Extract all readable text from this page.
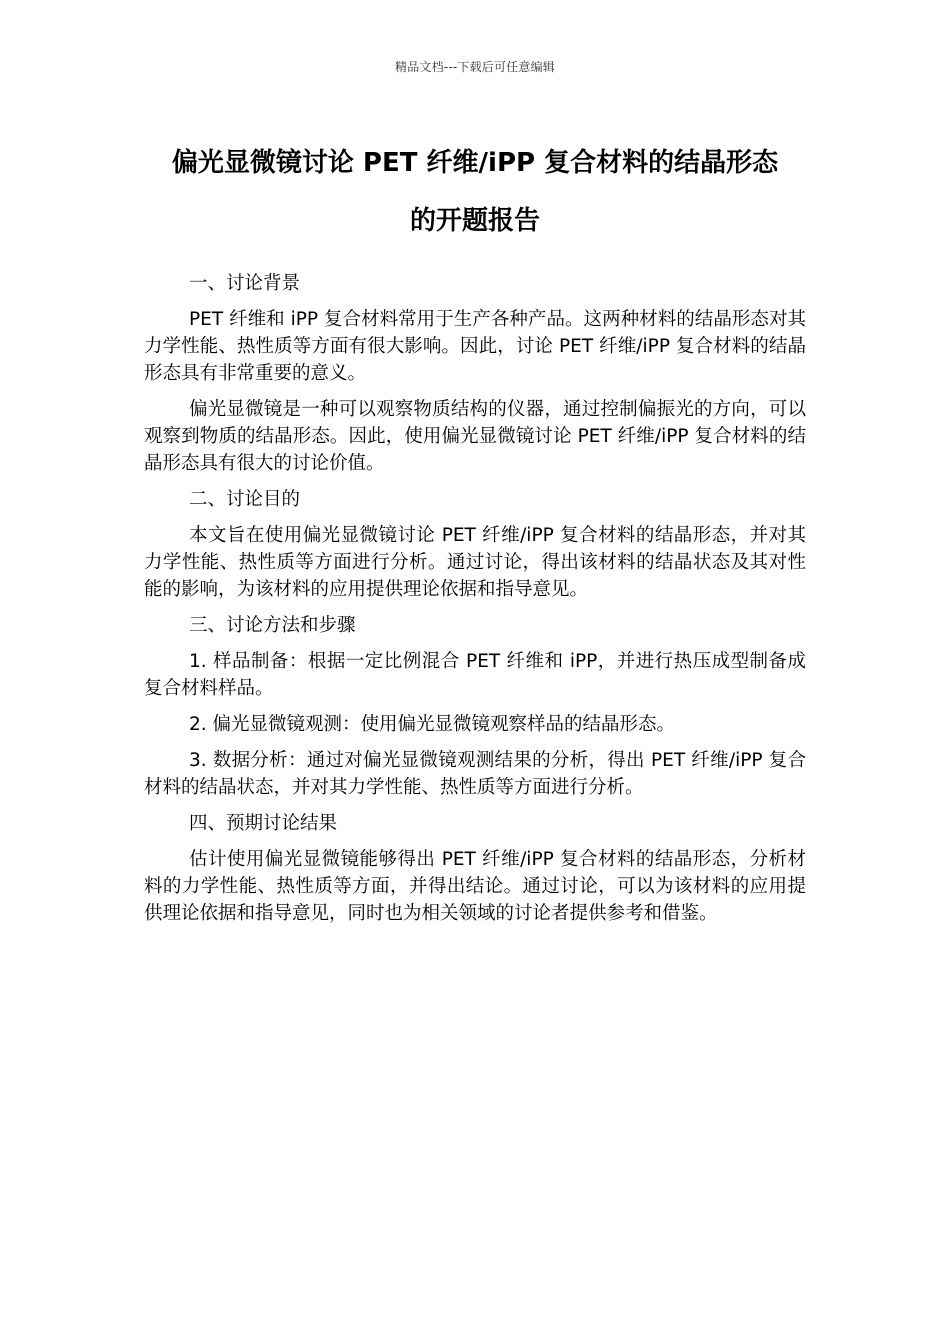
精品文档---下载后可任意编辑
偏光显微镜讨论 PET 纤维/iPP 复合材料的结晶形态
的开题报告

一、讨论背景

PET 纤维和 iPP 复合材料常用于生产各种产品。这两种材料的结晶形态对其力学性能、热性质等方面有很大影响。因此，讨论 PET 纤维/iPP 复合材料的结晶形态具有非常重要的意义。

偏光显微镜是一种可以观察物质结构的仪器，通过控制偏振光的方向，可以观察到物质的结晶形态。因此，使用偏光显微镜讨论 PET 纤维/iPP 复合材料的结晶形态具有很大的讨论价值。

二、讨论目的

本文旨在使用偏光显微镜讨论 PET 纤维/iPP 复合材料的结晶形态，并对其力学性能、热性质等方面进行分析。通过讨论，得出该材料的结晶状态及其对性能的影响，为该材料的应用提供理论依据和指导意见。

三、讨论方法和步骤

1. 样品制备：根据一定比例混合 PET 纤维和 iPP，并进行热压成型制备成复合材料样品。

2. 偏光显微镜观测：使用偏光显微镜观察样品的结晶形态。

3. 数据分析：通过对偏光显微镜观测结果的分析，得出 PET 纤维/iPP 复合材料的结晶状态，并对其力学性能、热性质等方面进行分析。

四、预期讨论结果

估计使用偏光显微镜能够得出 PET 纤维/iPP 复合材料的结晶形态，分析材料的力学性能、热性质等方面，并得出结论。通过讨论，可以为该材料的应用提供理论依据和指导意见，同时也为相关领域的讨论者提供参考和借鉴。
